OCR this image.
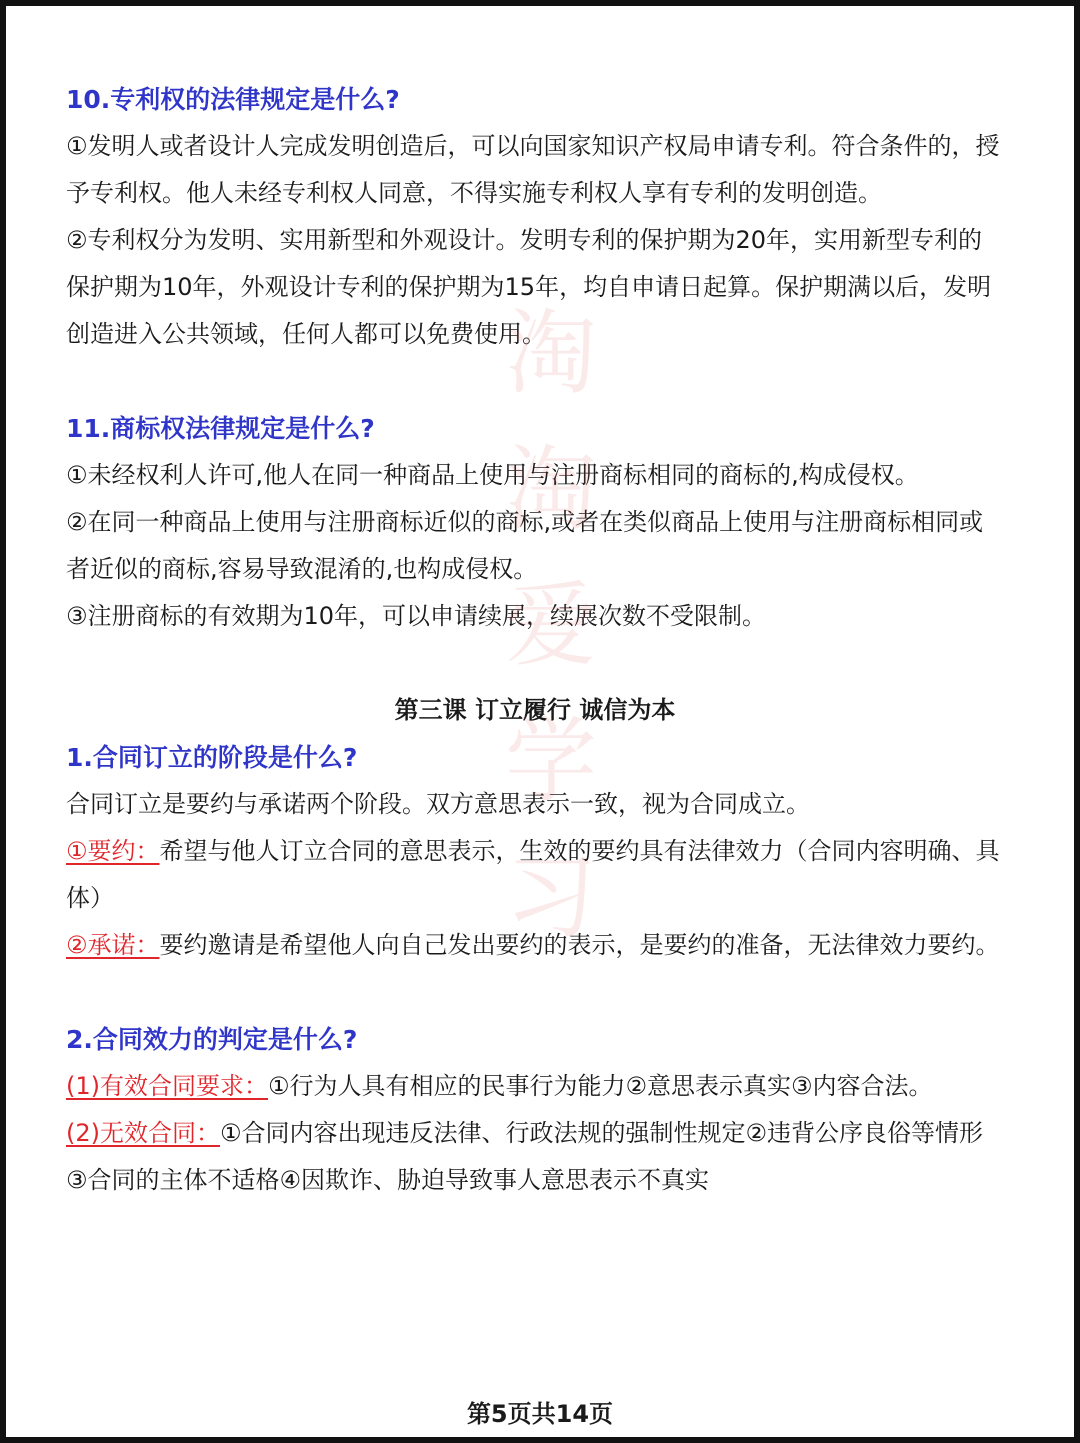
淘
淘
爱
学
习

10.专利权的法律规定是什么?

①发明人或者设计人完成发明创造后，可以向国家知识产权局申请专利。符合条件的，授予专利权。他人未经专利权人同意，不得实施专利权人享有专利的发明创造。

②专利权分为发明、实用新型和外观设计。发明专利的保护期为20年，实用新型专利的保护期为10年，外观设计专利的保护期为15年，均自申请日起算。保护期满以后，发明创造进入公共领域，任何人都可以免费使用。

11.商标权法律规定是什么?

①未经权利人许可,他人在同一种商品上使用与注册商标相同的商标的,构成侵权。

②在同一种商品上使用与注册商标近似的商标,或者在类似商品上使用与注册商标相同或者近似的商标,容易导致混淆的,也构成侵权。

③注册商标的有效期为10年，可以申请续展，续展次数不受限制。

第三课 订立履行 诚信为本

1.合同订立的阶段是什么?

合同订立是要约与承诺两个阶段。双方意思表示一致，视为合同成立。

①要约：希望与他人订立合同的意思表示，生效的要约具有法律效力（合同内容明确、具体）

②承诺：要约邀请是希望他人向自己发出要约的表示，是要约的准备，无法律效力要约。

2.合同效力的判定是什么?

(1)有效合同要求：①行为人具有相应的民事行为能力②意思表示真实③内容合法。

(2)无效合同：①合同内容出现违反法律、行政法规的强制性规定②违背公序良俗等情形

③合同的主体不适格④因欺诈、胁迫导致事人意思表示不真实

第5页共14页
